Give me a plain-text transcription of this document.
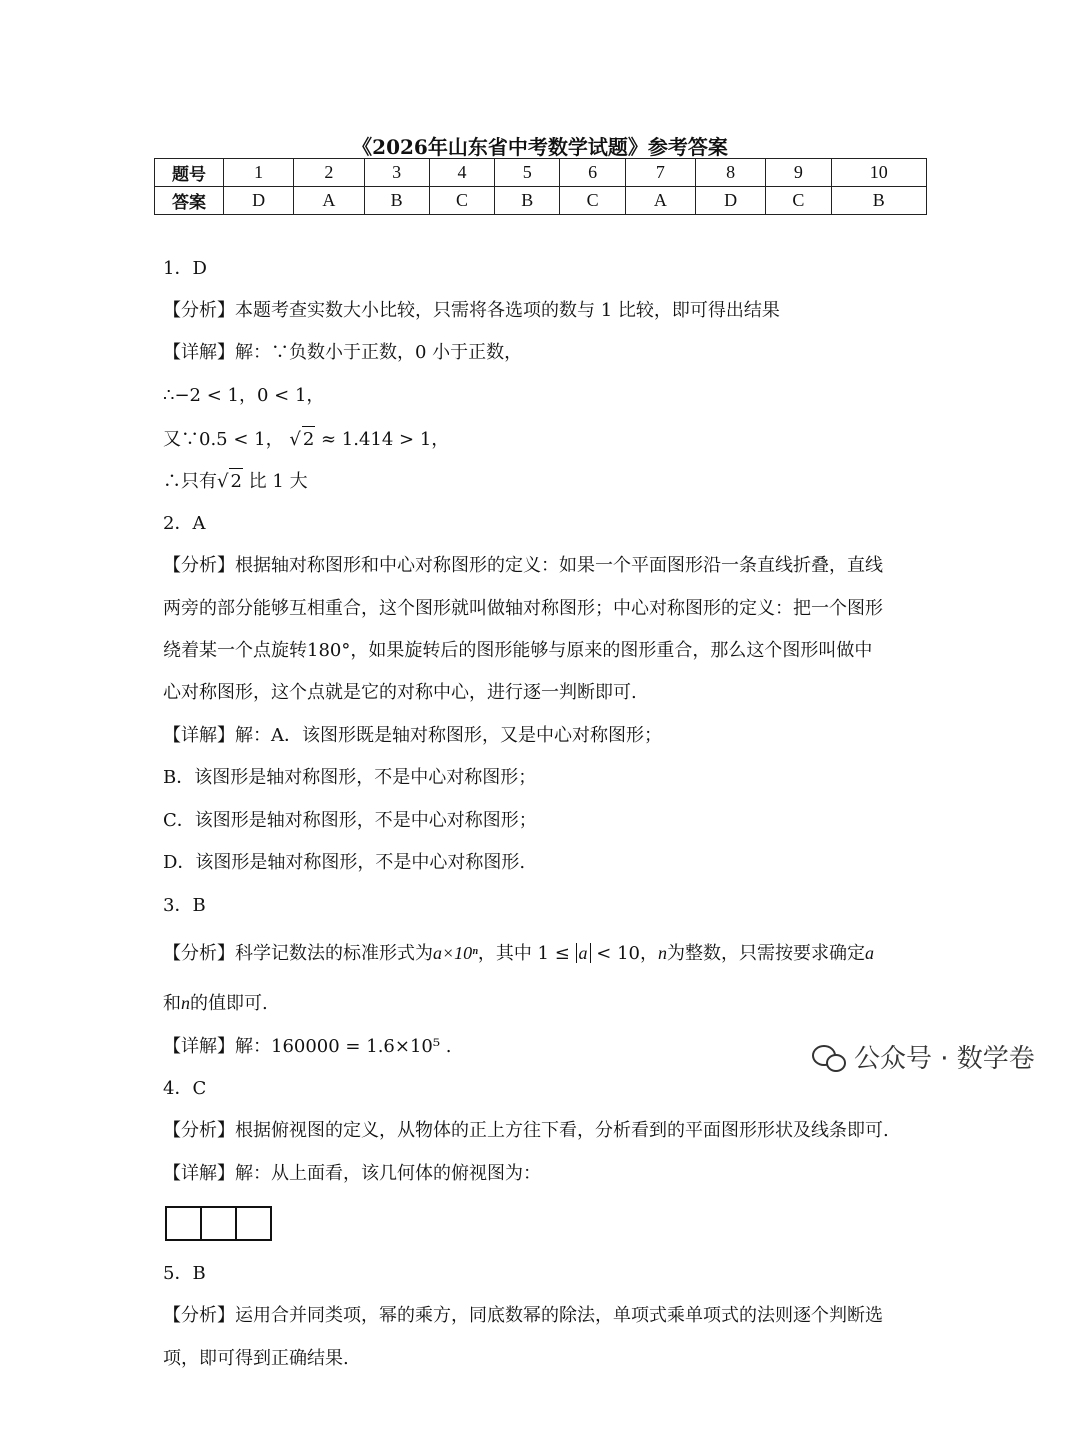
《2026年山东省中考数学试题》参考答案
题号	1	2	3	4	5	6	7	8	9	10
答案	D	A	B	C	B	C	A	D	C	B
1．D
【分析】本题考查实数大小比较，只需将各选项的数与 1 比较，即可得出结果
【详解】解：∵负数小于正数，0 小于正数，
∴−2 < 1，0 < 1，
又∵0.5 < 1， √ 2 ≈ 1.414 > 1，
∴只有√ 2 比 1 大
2．A
【分析】根据轴对称图形和中心对称图形的定义：如果一个平面图形沿一条直线折叠，直线
两旁的部分能够互相重合，这个图形就叫做轴对称图形；中心对称图形的定义：把一个图形
绕着某一个点旋转180°，如果旋转后的图形能够与原来的图形重合，那么这个图形叫做中
心对称图形，这个点就是它的对称中心，进行逐一判断即可.
【详解】解：A．该图形既是轴对称图形，又是中心对称图形；
B．该图形是轴对称图形，不是中心对称图形；
C．该图形是轴对称图形，不是中心对称图形；
D．该图形是轴对称图形，不是中心对称图形.
3．B
【分析】科学记数法的标准形式为a×10ⁿ，其中 1 ≤ a < 10，n为整数，只需按要求确定a
和n的值即可.
【详解】解：160000 = 1.6×10⁵ .
4．C
【分析】根据俯视图的定义，从物体的正上方往下看，分析看到的平面图形形状及线条即可.
【详解】解：从上面看，该几何体的俯视图为：
5．B
【分析】运用合并同类项，幂的乘方，同底数幂的除法，单项式乘单项式的法则逐个判断选
项，即可得到正确结果.
公众号 · 数学卷
